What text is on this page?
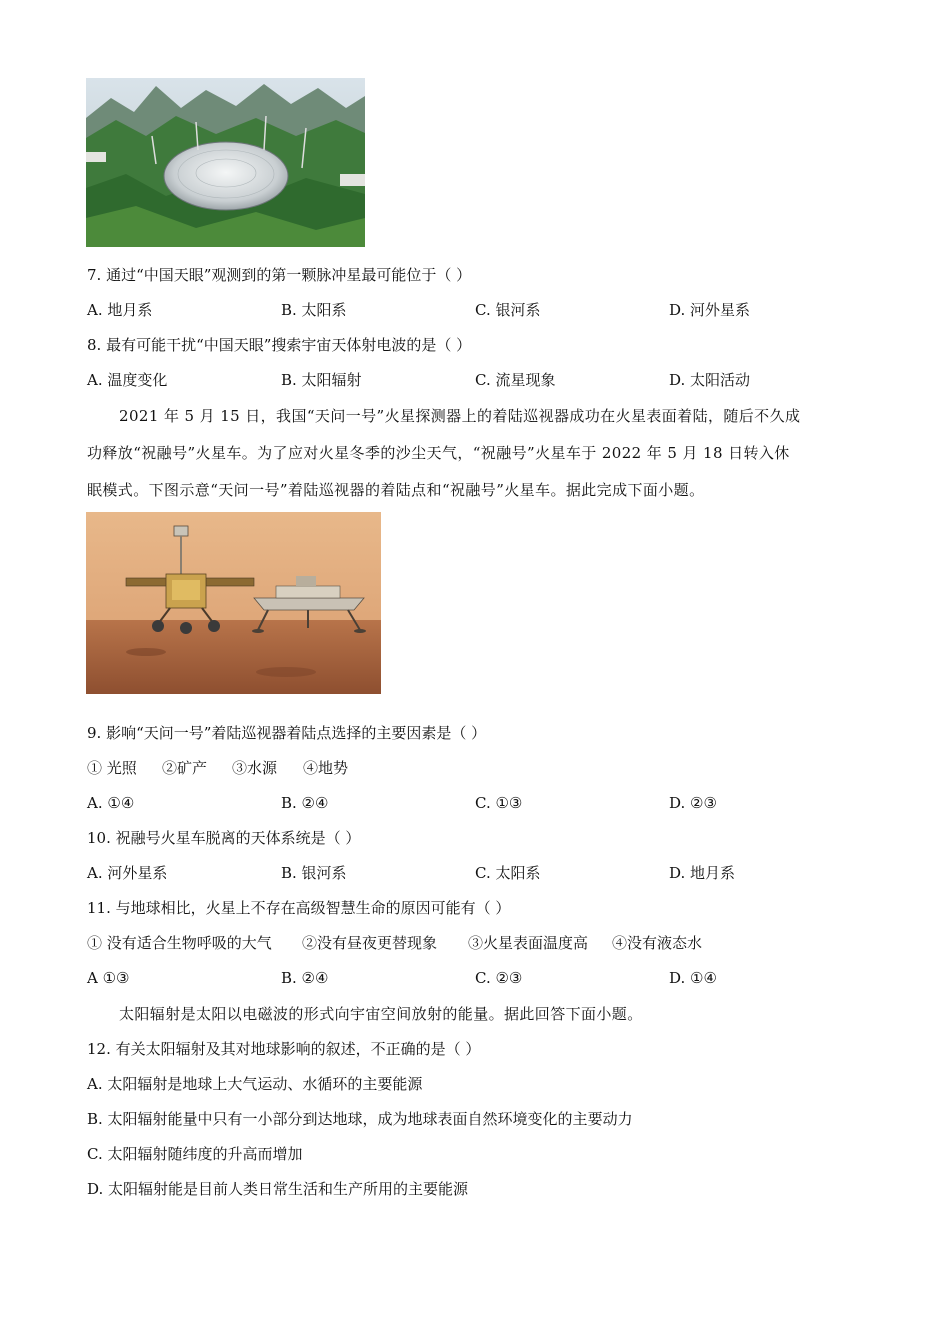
7. 通过“中国天眼”观测到的第一颗脉冲星最可能位于（ ）
A. 地月系	B. 太阳系	C. 银河系	D. 河外星系
8. 最有可能干扰“中国天眼”搜索宇宙天体射电波的是（ ）
A. 温度变化	B. 太阳辐射	C. 流星现象	D. 太阳活动
2021 年 5 月 15 日，我国“天问一号”火星探测器上的着陆巡视器成功在火星表面着陆，随后不久成
功释放“祝融号”火星车。为了应对火星冬季的沙尘天气，“祝融号”火星车于 2022 年 5 月 18 日转入休
眠模式。下图示意“天问一号”着陆巡视器的着陆点和“祝融号”火星车。据此完成下面小题。
9. 影响“天问一号”着陆巡视器着陆点选择的主要因素是（ ）
① 光照 ②矿产 ③水源 ④地势
A. ①④	B. ②④	C. ①③	D. ②③
10. 祝融号火星车脱离的天体系统是（ ）
A. 河外星系	B. 银河系	C. 太阳系	D. 地月系
11. 与地球相比，火星上不存在高级智慧生命的原因可能有（ ）
① 没有适合生物呼吸的大气 ②没有昼夜更替现象 ③火星表面温度高 ④没有液态水
A ①③	B. ②④	C. ②③	D. ①④
太阳辐射是太阳以电磁波的形式向宇宙空间放射的能量。据此回答下面小题。
12. 有关太阳辐射及其对地球影响的叙述，不正确的是（ ）
A. 太阳辐射是地球上大气运动、水循环的主要能源
B. 太阳辐射能量中只有一小部分到达地球，成为地球表面自然环境变化的主要动力
C. 太阳辐射随纬度的升高而增加
D. 太阳辐射能是目前人类日常生活和生产所用的主要能源
